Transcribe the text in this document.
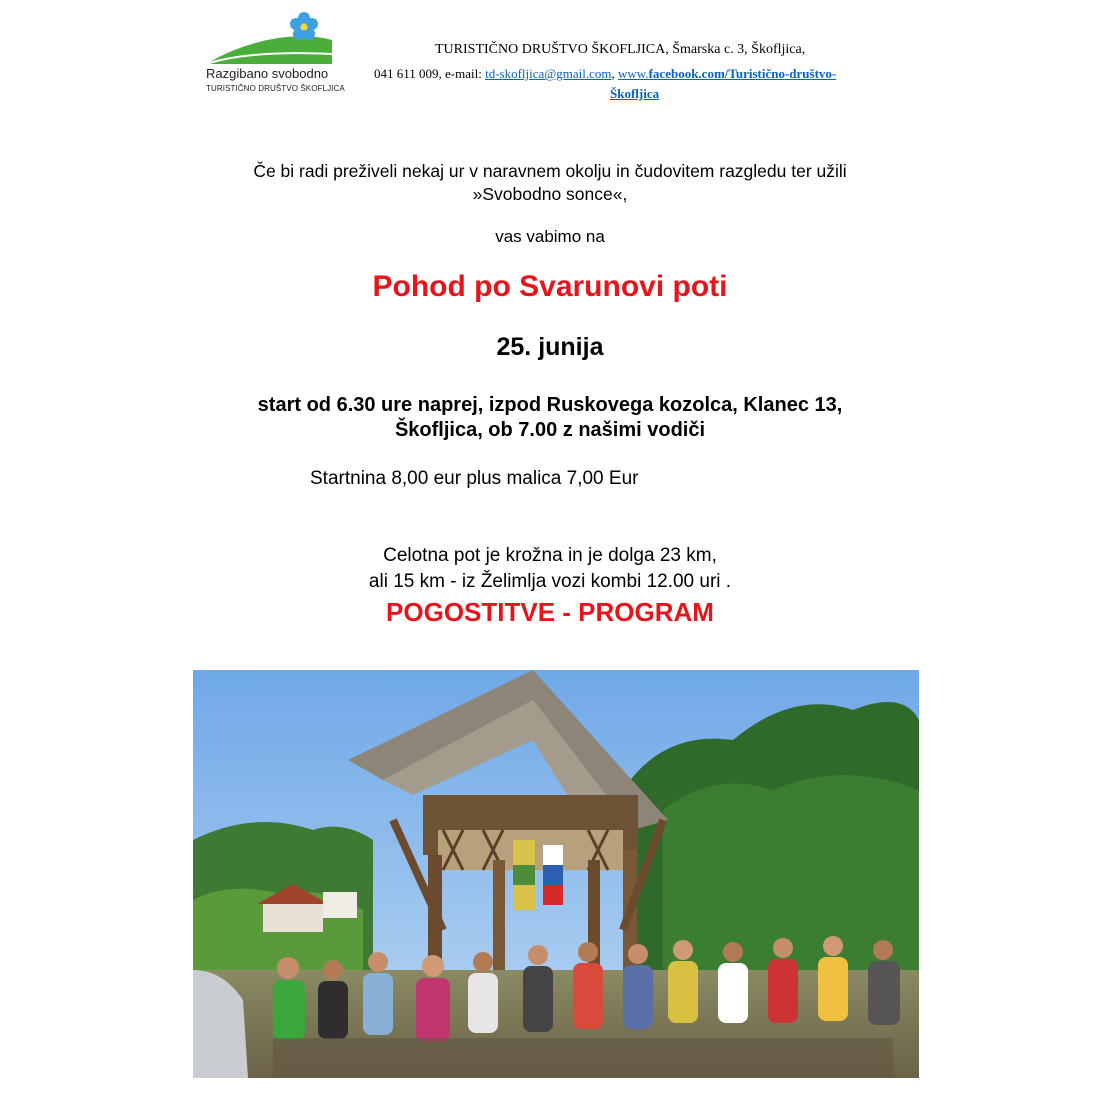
Razgibano svobodno
TURISTIČNO DRUŠTVO ŠKOFLJICA
TURISTIČNO DRUŠTVO ŠKOFLJICA, Šmarska c. 3, Škofljica,
041 611 009, e-mail: td-skofljica@gmail.com, www.facebook.com/Turistično-društvo-
Škofljica
Če bi radi preživeli nekaj ur v naravnem okolju in čudovitem razgledu ter užili
»Svobodno sonce«,
vas vabimo na
Pohod po Svarunovi poti
25. junija
start od 6.30 ure naprej, izpod Ruskovega kozolca, Klanec 13,
Škofljica, ob 7.00 z našimi vodiči
Startnina 8,00 eur plus malica 7,00 Eur
Celotna pot je krožna in je dolga 23 km,
ali 15 km - iz Želimlja vozi kombi 12.00 uri .
POGOSTITVE - PROGRAM
